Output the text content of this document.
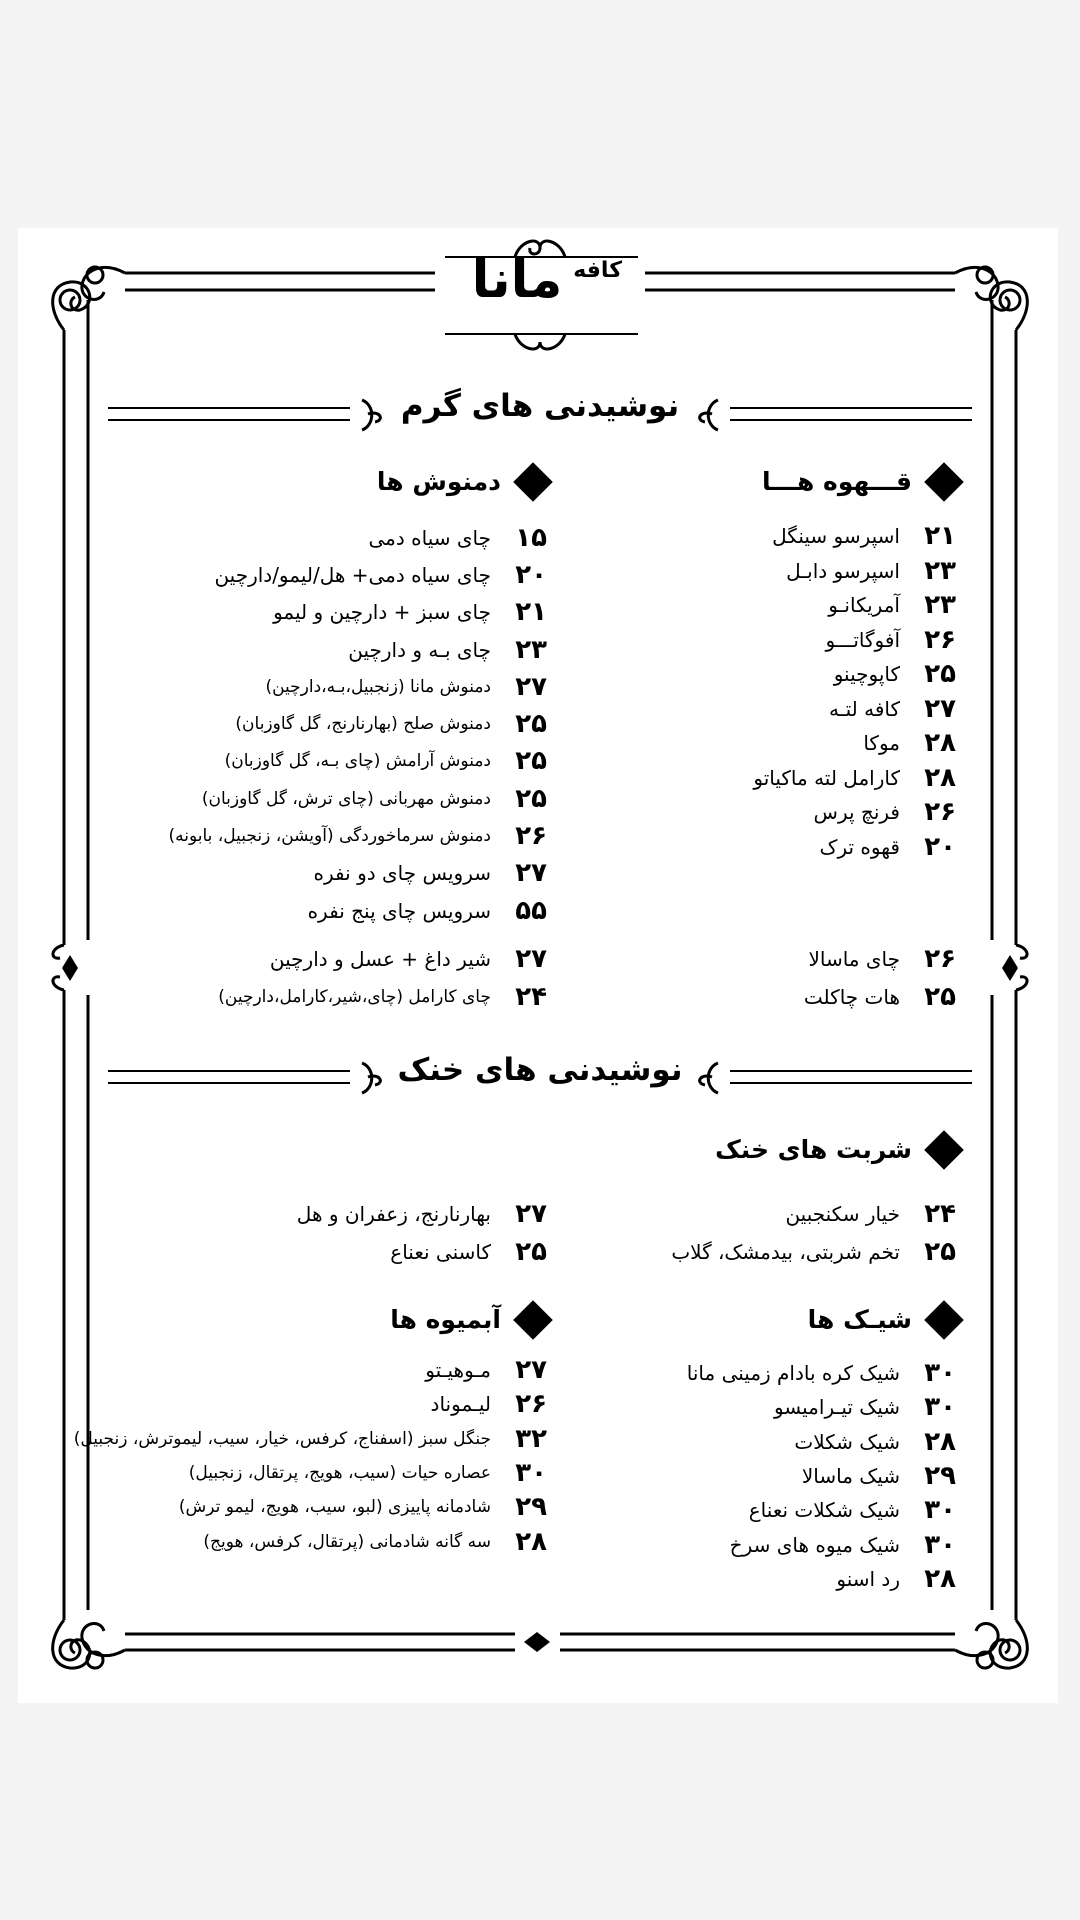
کافه
مانا
نوشیدنی های گرم
نوشیدنی های خنک
قـــهوه هـــا
دمنوش ها
۲۱
اسپرسو سینگل
۲۳
اسپرسو دابـل
۲۳
آمریکانـو
۲۶
آفوگاتـــو
۲۵
کاپوچینو
۲۷
کافه لتـه
۲۸
موکا
۲۸
کارامل لته ماکیاتو
۲۶
فرنچ پرس
۲۰
قهوه ترک
۲۶
چای ماسالا
۲۵
هات چاکلت
۱۵
چای سیاه دمی
۲۰
چای سیاه دمی+ هل/لیمو/دارچین
۲۱
چای سبز + دارچین و لیمو
۲۳
چای بـه و دارچین
۲۷
دمنوش مانا (زنجبیل،بـه،دارچین)
۲۵
دمنوش صلح (بهارنارنج، گل گاوزبان)
۲۵
دمنوش آرامش (چای بـه، گل گاوزبان)
۲۵
دمنوش مهربانی (چای ترش، گل گاوزبان)
۲۶
دمنوش سرماخوردگی (آویشن، زنجبیل، بابونه)
۲۷
سرویس چای دو نفره
۵۵
سرویس چای پنج نفره
۲۷
شیر داغ + عسل و دارچین
۲۴
چای کارامل (چای،شیر،کارامل،دارچین)
شربت های خنک
۲۴
خیار سکنجبین
۲۵
تخم شربتی، بیدمشک، گلاب
۲۷
بهارنارنج، زعفران و هل
۲۵
کاسنی نعناع
شیـک ها
آبمیوه ها
۳۰
شیک کره بادام زمینی مانا
۳۰
شیک تیـرامیسو
۲۸
شیک شکلات
۲۹
شیک ماسالا
۳۰
شیک شکلات نعناع
۳۰
شیک میوه های سرخ
۲۸
رد اسنو
۲۷
مـوهیـتو
۲۶
لیـموناد
۳۲
جنگل سبز (اسفناج، کرفس، خیار، سیب، لیموترش، زنجبیل)
۳۰
عصاره حیات (سیب، هویج، پرتقال، زنجبیل)
۲۹
شادمانه پاییزی (لبو، سیب، هویج، لیمو ترش)
۲۸
سه گانه شادمانی (پرتقال، کرفس، هویج)
